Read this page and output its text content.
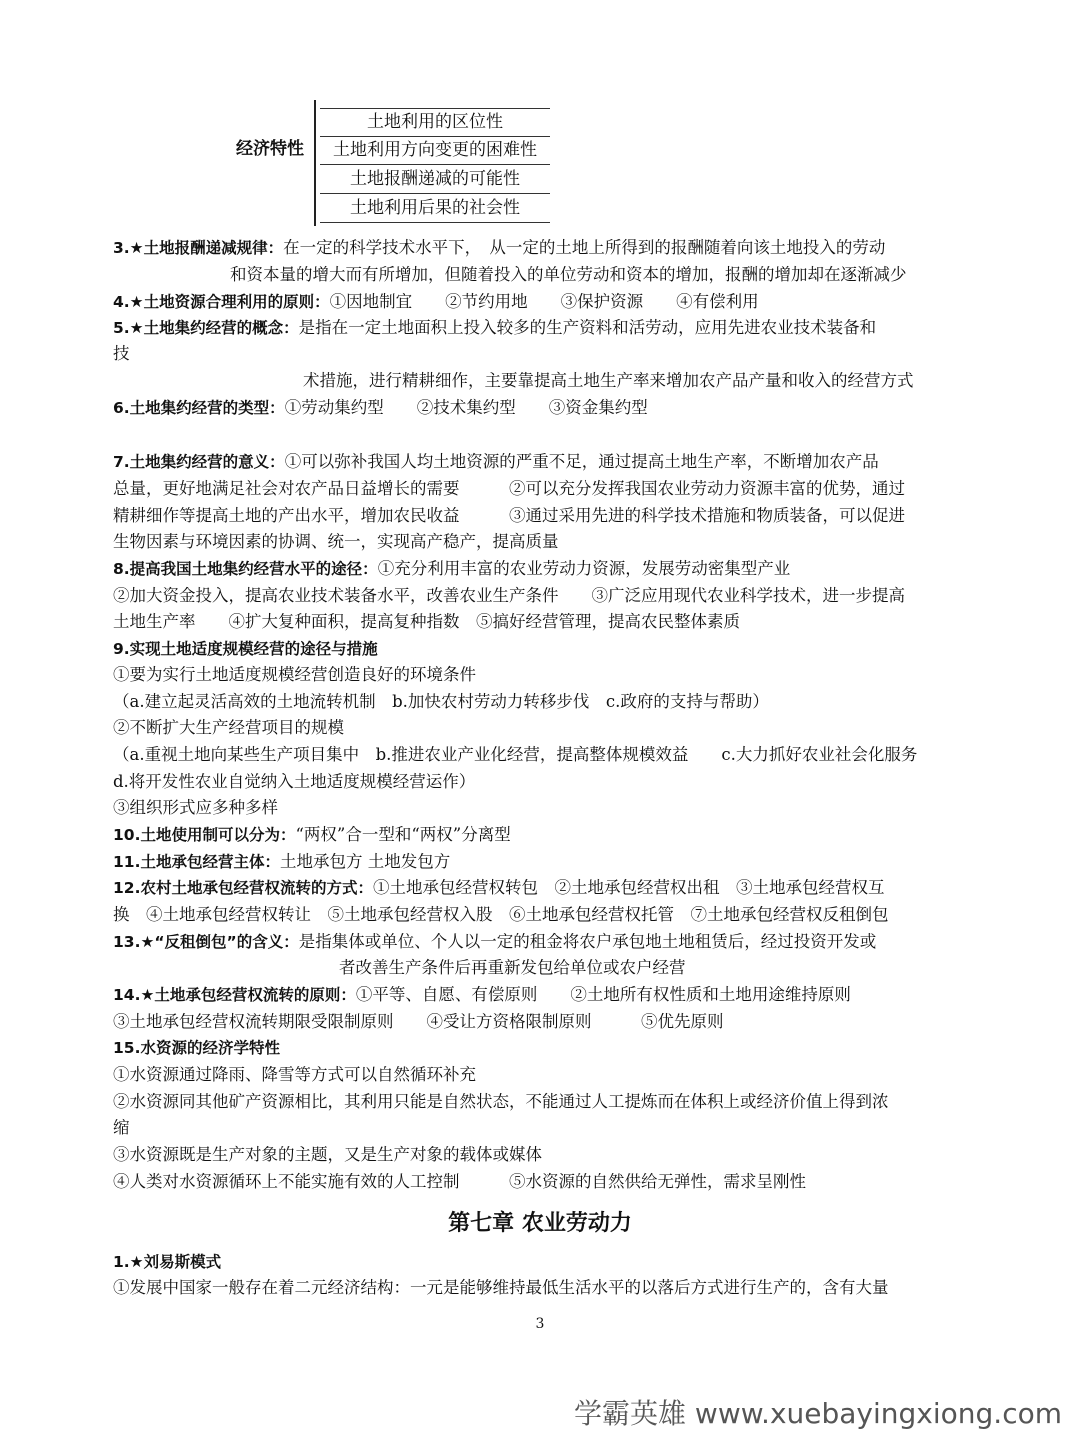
经济特性
土地利用的区位性
土地利用方向变更的困难性
土地报酬递减的可能性
土地利用后果的社会性
3.★土地报酬递减规律：在一定的科学技术水平下，　从一定的土地上所得到的报酬随着向该土地投入的劳动
和资本量的增大而有所增加，但随着投入的单位劳动和资本的增加，报酬的增加却在逐渐减少
4.★土地资源合理利用的原则：①因地制宜　　②节约用地　　③保护资源　　④有偿利用
5.★土地集约经营的概念：是指在一定土地面积上投入较多的生产资料和活劳动，应用先进农业技术装备和
技
术措施，进行精耕细作，主要靠提高土地生产率来增加农产品产量和收入的经营方式
6.土地集约经营的类型：①劳动集约型　　②技术集约型　　③资金集约型
7.土地集约经营的意义：①可以弥补我国人均土地资源的严重不足，通过提高土地生产率，不断增加农产品
总量，更好地满足社会对农产品日益增长的需要　　　②可以充分发挥我国农业劳动力资源丰富的优势，通过
精耕细作等提高土地的产出水平，增加农民收益　　　③通过采用先进的科学技术措施和物质装备，可以促进
生物因素与环境因素的协调、统一，实现高产稳产，提高质量
8.提高我国土地集约经营水平的途径：①充分利用丰富的农业劳动力资源，发展劳动密集型产业
②加大资金投入，提高农业技术装备水平，改善农业生产条件　　③广泛应用现代农业科学技术，进一步提高
土地生产率　　④扩大复种面积，提高复种指数　⑤搞好经营管理，提高农民整体素质
9.实现土地适度规模经营的途径与措施
①要为实行土地适度规模经营创造良好的环境条件
（a.建立起灵活高效的土地流转机制　b.加快农村劳动力转移步伐　c.政府的支持与帮助）
②不断扩大生产经营项目的规模
（a.重视土地向某些生产项目集中　b.推进农业产业化经营，提高整体规模效益　　c.大力抓好农业社会化服务
d.将开发性农业自觉纳入土地适度规模经营运作）
③组织形式应多种多样
10.土地使用制可以分为：“两权”合一型和“两权”分离型
11.土地承包经营主体：土地承包方 土地发包方
12.农村土地承包经营权流转的方式：①土地承包经营权转包　②土地承包经营权出租　③土地承包经营权互
换　④土地承包经营权转让　⑤土地承包经营权入股　⑥土地承包经营权托管　⑦土地承包经营权反租倒包
13.★“反租倒包”的含义：是指集体或单位、个人以一定的租金将农户承包地土地租赁后，经过投资开发或
者改善生产条件后再重新发包给单位或农户经营
14.★土地承包经营权流转的原则：①平等、自愿、有偿原则　　②土地所有权性质和土地用途维持原则
③土地承包经营权流转期限受限制原则　　④受让方资格限制原则　　　⑤优先原则
15.水资源的经济学特性
①水资源通过降雨、降雪等方式可以自然循环补充
②水资源同其他矿产资源相比，其利用只能是自然状态，不能通过人工提炼而在体积上或经济价值上得到浓
缩
③水资源既是生产对象的主题，又是生产对象的载体或媒体
④人类对水资源循环上不能实施有效的人工控制　　　⑤水资源的自然供给无弹性，需求呈刚性
第七章 农业劳动力
1.★刘易斯模式
①发展中国家一般存在着二元经济结构：一元是能够维持最低生活水平的以落后方式进行生产的，含有大量
3
学霸英雄 www.xuebayingxiong.com
